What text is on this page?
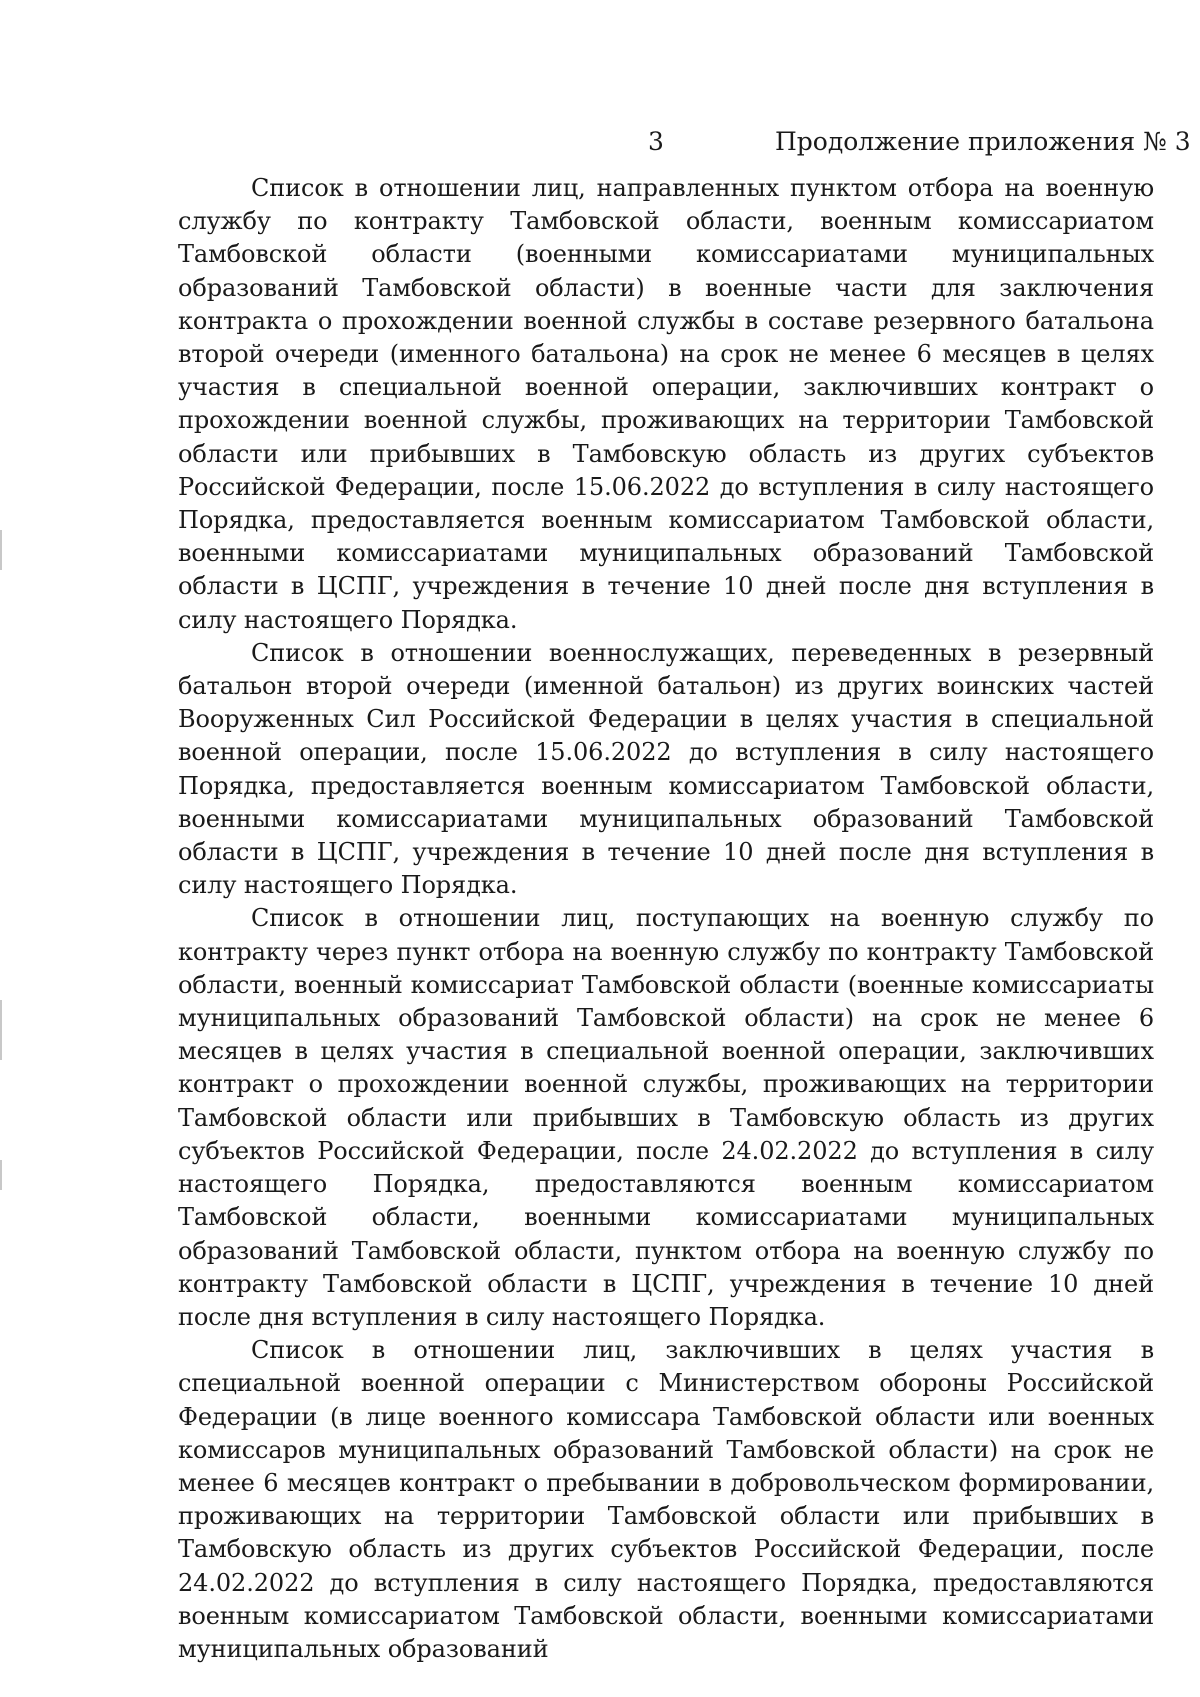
3	Продолжение приложения № 3

Список в отношении лиц, направленных пунктом отбора на военную службу по контракту Тамбовской области, военным комиссариатом Тамбовской области (военными комиссариатами муниципальных образований Тамбовской области) в военные части для заключения контракта о прохождении военной службы в составе резервного батальона второй очереди (именного батальона) на срок не менее 6 месяцев в целях участия в специальной военной операции, заключивших контракт о прохождении военной службы, проживающих на территории Тамбовской области или прибывших в Тамбовскую область из других субъектов Российской Федерации, после 15.06.2022 до вступления в силу настоящего Порядка, предоставляется военным комиссариатом Тамбовской области, военными комиссариатами муниципальных образований Тамбовской области в ЦСПГ, учреждения в течение 10 дней после дня вступления в силу настоящего Порядка.

Список в отношении военнослужащих, переведенных в резервный батальон второй очереди (именной батальон) из других воинских частей Вооруженных Сил Российской Федерации в целях участия в специальной военной операции, после 15.06.2022 до вступления в силу настоящего Порядка, предоставляется военным комиссариатом Тамбовской области, военными комиссариатами муниципальных образований Тамбовской области в ЦСПГ, учреждения в течение 10 дней после дня вступления в силу настоящего Порядка.

Список в отношении лиц, поступающих на военную службу по контракту через пункт отбора на военную службу по контракту Тамбовской области, военный комиссариат Тамбовской области (военные комиссариаты муниципальных образований Тамбовской области) на срок не менее 6 месяцев в целях участия в специальной военной операции, заключивших контракт о прохождении военной службы, проживающих на территории Тамбовской области или прибывших в Тамбовскую область из других субъектов Российской Федерации, после 24.02.2022 до вступления в силу настоящего Порядка, предоставляются военным комиссариатом Тамбовской области, военными комиссариатами муниципальных образований Тамбовской области, пунктом отбора на военную службу по контракту Тамбовской области в ЦСПГ, учреждения в течение 10 дней после дня вступления в силу настоящего Порядка.

Список в отношении лиц, заключивших в целях участия в специальной военной операции с Министерством обороны Российской Федерации (в лице военного комиссара Тамбовской области или военных комиссаров муниципальных образований Тамбовской области) на срок не менее 6 месяцев контракт о пребывании в добровольческом формировании, проживающих на территории Тамбовской области или прибывших в Тамбовскую область из других субъектов Российской Федерации, после 24.02.2022 до вступления в силу настоящего Порядка, предоставляются военным комиссариатом Тамбовской области, военными комиссариатами муниципальных образований
